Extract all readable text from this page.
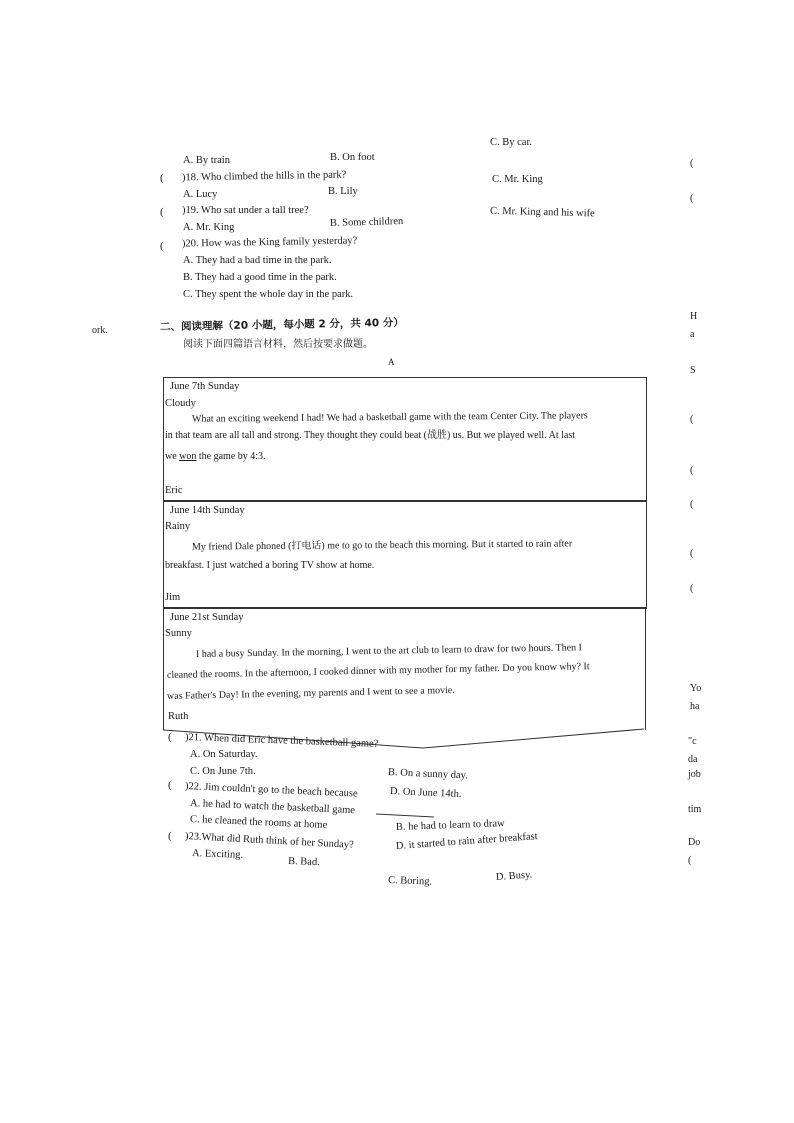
C. By car.
A. By train	B. On foot
( )18. Who climbed the hills in the park?
A. Lucy	B. Lily
C. Mr. King
( )19. Who sat under a tall tree?
A. Mr. King	B. Some children
C. Mr. King and his wife
( )20. How was the King family yesterday?
A. They had a bad time in the park.
B. They had a good time in the park.
C. They spent the whole day in the park.
二、阅读理解（20 小题，每小题 2 分，共 40 分）
阅读下面四篇语言材料，然后按要求做题。
A
June 7th Sunday
Cloudy
What an exciting weekend I had! We had a basketball game with the team Center City. The players
in that team are all tall and strong. They thought they could beat (战胜) us. But we played well. At last
we won the game by 4:3.
Eric
June 14th Sunday
Rainy
My friend Dale phoned (打电话) me to go to the beach this morning. But it started to rain after
breakfast. I just watched a boring TV show at home.
Jim
June 21st Sunday
Sunny
I had a busy Sunday. In the morning, I went to the art club to learn to draw for two hours. Then I
cleaned the rooms. In the afternoon, I cooked dinner with my mother for my father. Do you know why? It
was Father's Day! In the evening, my parents and I went to see a movie.
Ruth
( )21. When did Eric have the basketball game?
A. On Saturday.
C. On June 7th.	B. On a sunny day.
D. On June 14th.
( )22. Jim couldn't go to the beach because
A. he had to watch the basketball game
C. he cleaned the rooms at home	B. he had to learn to draw
D. it started to rain after breakfast
( )23.What did Ruth think of her Sunday?
A. Exciting.
B. Bad.
C. Boring.	D. Busy.
ork.
(
(
H
a
S
(
(
(
(
(
Yo
ha
"c
da
job
tim
Do
(
